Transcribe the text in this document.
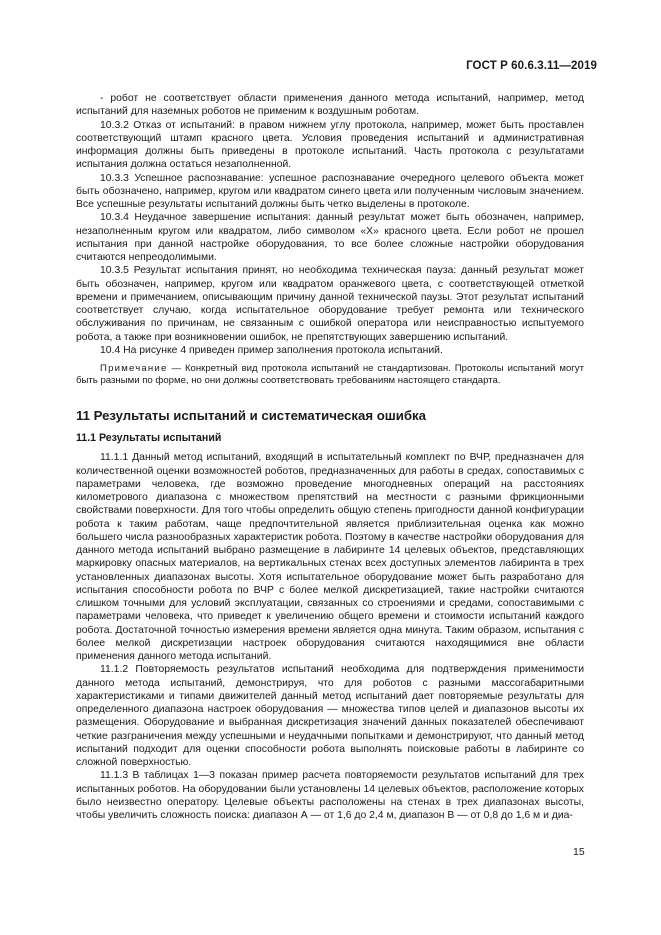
ГОСТ Р 60.6.3.11—2019

- робот не соответствует области применения данного метода испытаний, например, метод испытаний для наземных роботов не применим к воздушным роботам.

10.3.2 Отказ от испытаний: в правом нижнем углу протокола, например, может быть проставлен соответствующий штамп красного цвета. Условия проведения испытаний и административная информация должны быть приведены в протоколе испытаний. Часть протокола с результатами испытания должна остаться незаполненной.

10.3.3 Успешное распознавание: успешное распознавание очередного целевого объекта может быть обозначено, например, кругом или квадратом синего цвета или полученным числовым значением. Все успешные результаты испытаний должны быть четко выделены в протоколе.

10.3.4 Неудачное завершение испытания: данный результат может быть обозначен, например, незаполненным кругом или квадратом, либо символом «Х» красного цвета. Если робот не прошел испытания при данной настройке оборудования, то все более сложные настройки оборудования считаются непреодолимыми.

10.3.5 Результат испытания принят, но необходима техническая пауза: данный результат может быть обозначен, например, кругом или квадратом оранжевого цвета, с соответствующей отметкой времени и примечанием, описывающим причину данной технической паузы. Этот результат испытаний соответствует случаю, когда испытательное оборудование требует ремонта или технического обслуживания по причинам, не связанным с ошибкой оператора или неисправностью испытуемого робота, а также при возникновении ошибок, не препятствующих завершению испытаний.

10.4 На рисунке 4 приведен пример заполнения протокола испытаний.

Примечание — Конкретный вид протокола испытаний не стандартизован. Протоколы испытаний могут быть разными по форме, но они должны соответствовать требованиям настоящего стандарта.

11 Результаты испытаний и систематическая ошибка
11.1 Результаты испытаний

11.1.1 Данный метод испытаний, входящий в испытательный комплект по ВЧР, предназначен для количественной оценки возможностей роботов, предназначенных для работы в средах, сопоставимых с параметрами человека, где возможно проведение многодневных операций на расстояниях километрового диапазона с множеством препятствий на местности с разными фрикционными свойствами поверхности. Для того чтобы определить общую степень пригодности данной конфигурации робота к таким работам, чаще предпочтительной является приблизительная оценка как можно большего числа разнообразных характеристик робота. Поэтому в качестве настройки оборудования для данного метода испытаний выбрано размещение в лабиринте 14 целевых объектов, представляющих маркировку опасных материалов, на вертикальных стенах всех доступных элементов лабиринта в трех установленных диапазонах высоты. Хотя испытательное оборудование может быть разработано для испытания способности робота по ВЧР с более мелкой дискретизацией, такие настройки считаются слишком точными для условий эксплуатации, связанных со строениями и средами, сопоставимыми с параметрами человека, что приведет к увеличению общего времени и стоимости испытаний каждого робота. Достаточной точностью измерения времени является одна минута. Таким образом, испытания с более мелкой дискретизации настроек оборудования считаются находящимися вне области применения данного метода испытаний.

11.1.2 Повторяемость результатов испытаний необходима для подтверждения применимости данного метода испытаний, демонстрируя, что для роботов с разными массогабаритными характеристиками и типами движителей данный метод испытаний дает повторяемые результаты для определенного диапазона настроек оборудования — множества типов целей и диапазонов высоты их размещения. Оборудование и выбранная дискретизация значений данных показателей обеспечивают четкие разграничения между успешными и неудачными попытками и демонстрируют, что данный метод испытаний подходит для оценки способности робота выполнять поисковые работы в лабиринте со сложной поверхностью.

11.1.3 В таблицах 1—3 показан пример расчета повторяемости результатов испытаний для трех испытанных роботов. На оборудовании были установлены 14 целевых объектов, расположение которых было неизвестно оператору. Целевые объекты расположены на стенах в трех диапазонах высоты, чтобы увеличить сложность поиска: диапазон А — от 1,6 до 2,4 м, диапазон В — от 0,8 до 1,6 м и диа-

15
